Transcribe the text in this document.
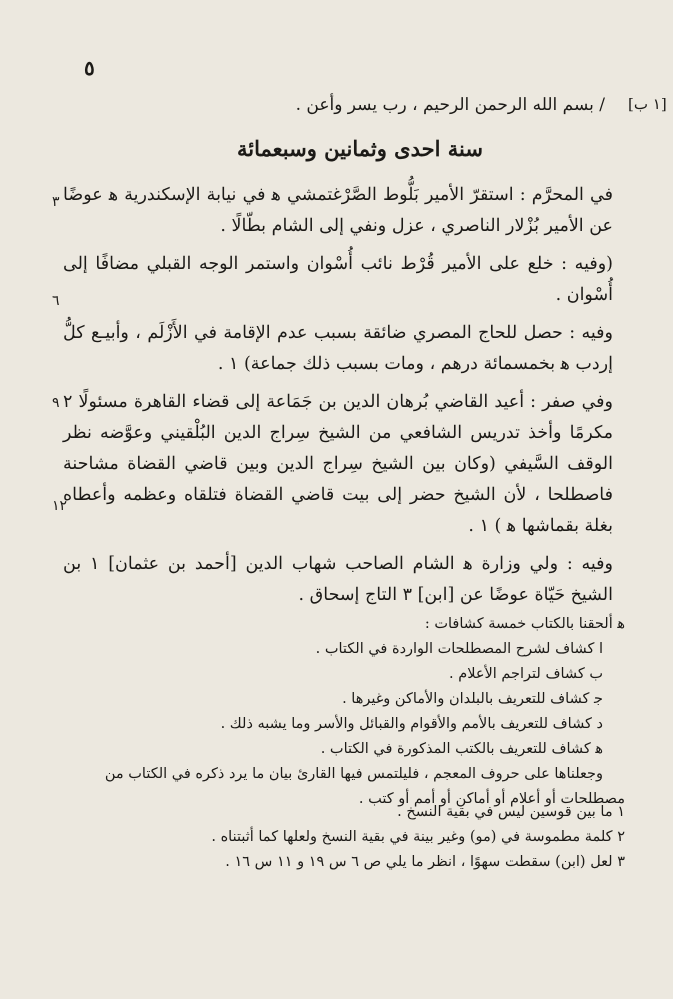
٥
[١ ب]
/ بسم الله الرحمن الرحيم ، رب يسر وأعن .
سنة احدى وثمانين وسبعمائة

في المحرَّم : استقرّ الأمير بَلُّوط الصَّرْغتمشي ﻫ في نيابة الإسكندرية ﻫ عوضًا عن الأمير بُزْلار الناصري ، عزل ونفي إلى الشام بطّالًا .

(وفيه : خلع على الأمير قُرْط نائب أُسْوان واستمر الوجه القبلي مضافًا إلى أُسْوان .

وفيه : حصل للحاج المصري ضائقة بسبب عدم الإقامة في الأَزْلَم ، وأبيـع كلُّ إردب ﻫ بخمسمائة درهم ، ومات بسبب ذلك جماعة) ١ .

وفي صفر : أعيد القاضي بُرهان الدين بن جَمَاعة إلى قضاء القاهرة مسئولًا ٢ مكرمًا وأخذ تدريس الشافعي من الشيخ سِراج الدين البُلْقيني وعوَّضه نظر الوقف السَّيفي (وكان بين الشيخ سِراج الدين وبين قاضي القضاة مشاحنة فاصطلحا ، لأن الشيخ حضر إلى بيت قاضي القضاة فتلقاه وعظمه وأعطاه بغلة بقماشها ﻫ ) ١ .

وفيه : ولي وزارة ﻫ الشام الصاحب شهاب الدين [أحمد بن عثمان] ١ بن الشيخ حَيّاة عوضًا عن [ابن] ٣ التاج إسحاق .

٣
٦
٩
١٢
ﻫ ألحقنا بالكتاب خمسة كشافات :
ا كشاف لشرح المصطلحات الواردة في الكتاب .
ب كشاف لتراجم الأعلام .
ﺟ كشاف للتعريف بالبلدان والأماكن وغيرها .
د كشاف للتعريف بالأمم والأقوام والقبائل والأسر وما يشبه ذلك .
ﻫ كشاف للتعريف بالكتب المذكورة في الكتاب .
وجعلناها على حروف المعجم ، فليلتمس فيها القارئ بيان ما يرد ذكره في الكتاب من
مصطلحات أو أعلام أو أماكن أو أمم أو كتب .
١ ما بين قوسين ليس في بقية النسخ .
٢ كلمة مطموسة في (مو) وغير بينة في بقية النسخ ولعلها كما أثبتناه .
٣ لعل (ابن) سقطت سهوًا ، انظر ما يلي ص ٦ س ١٩ و ١١ س ١٦ .
